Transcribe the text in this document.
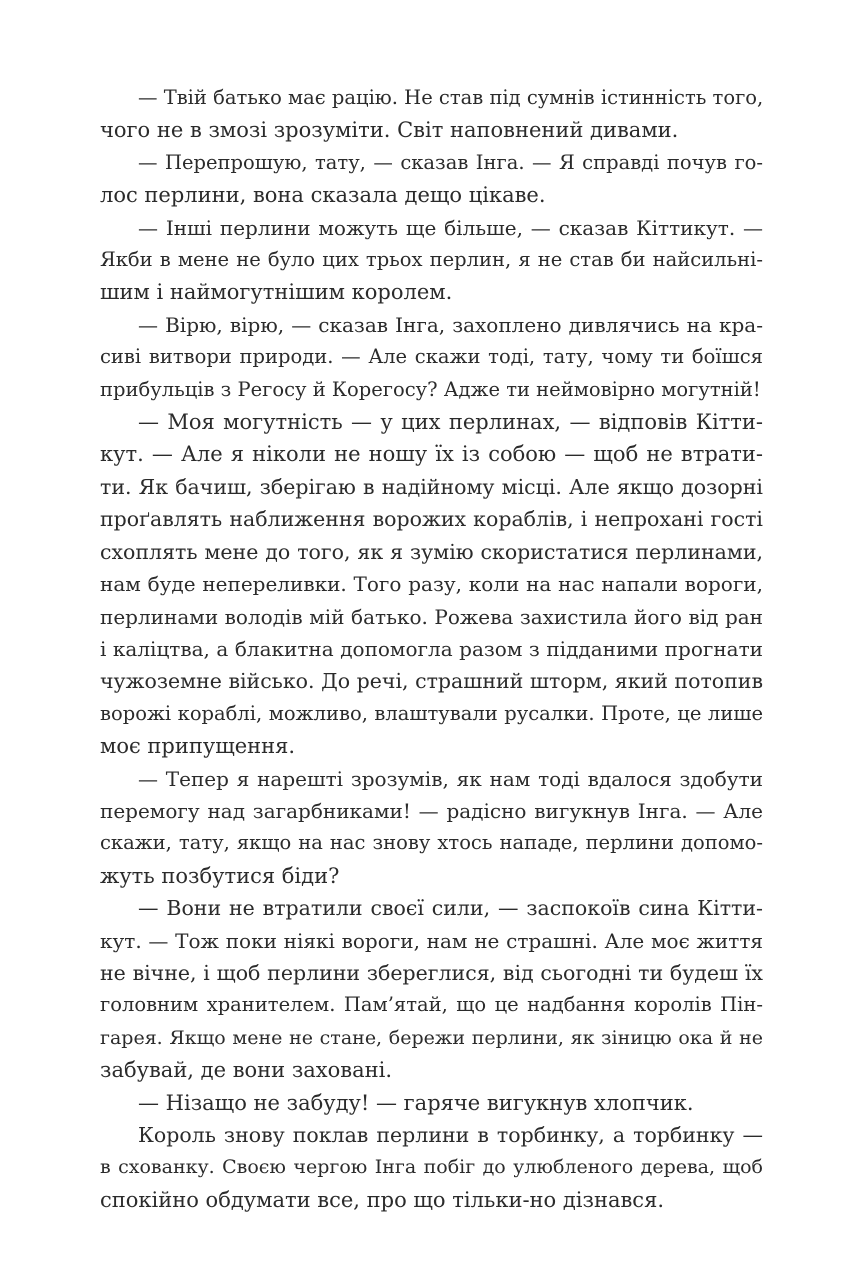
— Твій батько має рацію. Не став під сумнів істинність того,
чого не в змозі зрозуміти. Світ наповнений дивами.
— Перепрошую, тату, — сказав Інга. — Я справді почув го-
лос перлини, вона сказала дещо цікаве.
— Інші перлини можуть ще більше, — сказав Кіттикут. —
Якби в мене не було цих трьох перлин, я не став би найсильні-
шим і наймогутнішим королем.
— Вірю, вірю, — сказав Інга, захоплено дивлячись на кра-
сиві витвори природи. — Але скажи тоді, тату, чому ти боїшся
прибульців з Регосу й Корегосу? Адже ти неймовірно могутній!
— Моя могутність — у цих перлинах, — відповів Кітти-
кут. — Але я ніколи не ношу їх із собою — щоб не втрати-
ти. Як бачиш, зберігаю в надійному місці. Але якщо дозорні
проґавлять наближення ворожих кораблів, і непрохані гості
схоплять мене до того, як я зумію скористатися перлинами,
нам буде непереливки. Того разу, коли на нас напали вороги,
перлинами володів мій батько. Рожева захистила його від ран
і каліцтва, а блакитна допомогла разом з підданими прогнати
чужоземне військо. До речі, страшний шторм, який потопив
ворожі кораблі, можливо, влаштували русалки. Проте, це лише
моє припущення.
— Тепер я нарешті зрозумів, як нам тоді вдалося здобути
перемогу над загарбниками! — радісно вигукнув Інга. — Але
скажи, тату, якщо на нас знову хтось нападе, перлини допомо-
жуть позбутися біди?
— Вони не втратили своєї сили, — заспокоїв сина Кітти-
кут. — Тож поки ніякі вороги, нам не страшні. Але моє життя
не вічне, і щоб перлини збереглися, від сьогодні ти будеш їх
головним хранителем. Пам’ятай, що це надбання королів Пін-
гарея. Якщо мене не стане, бережи перлини, як зіницю ока й не
забувай, де вони заховані.
— Нізащо не забуду! — гаряче вигукнув хлопчик.
Король знову поклав перлини в торбинку, а торбинку —
в схованку. Своєю чергою Інга побіг до улюбленого дерева, щоб
спокійно обдумати все, про що тільки-но дізнався.
